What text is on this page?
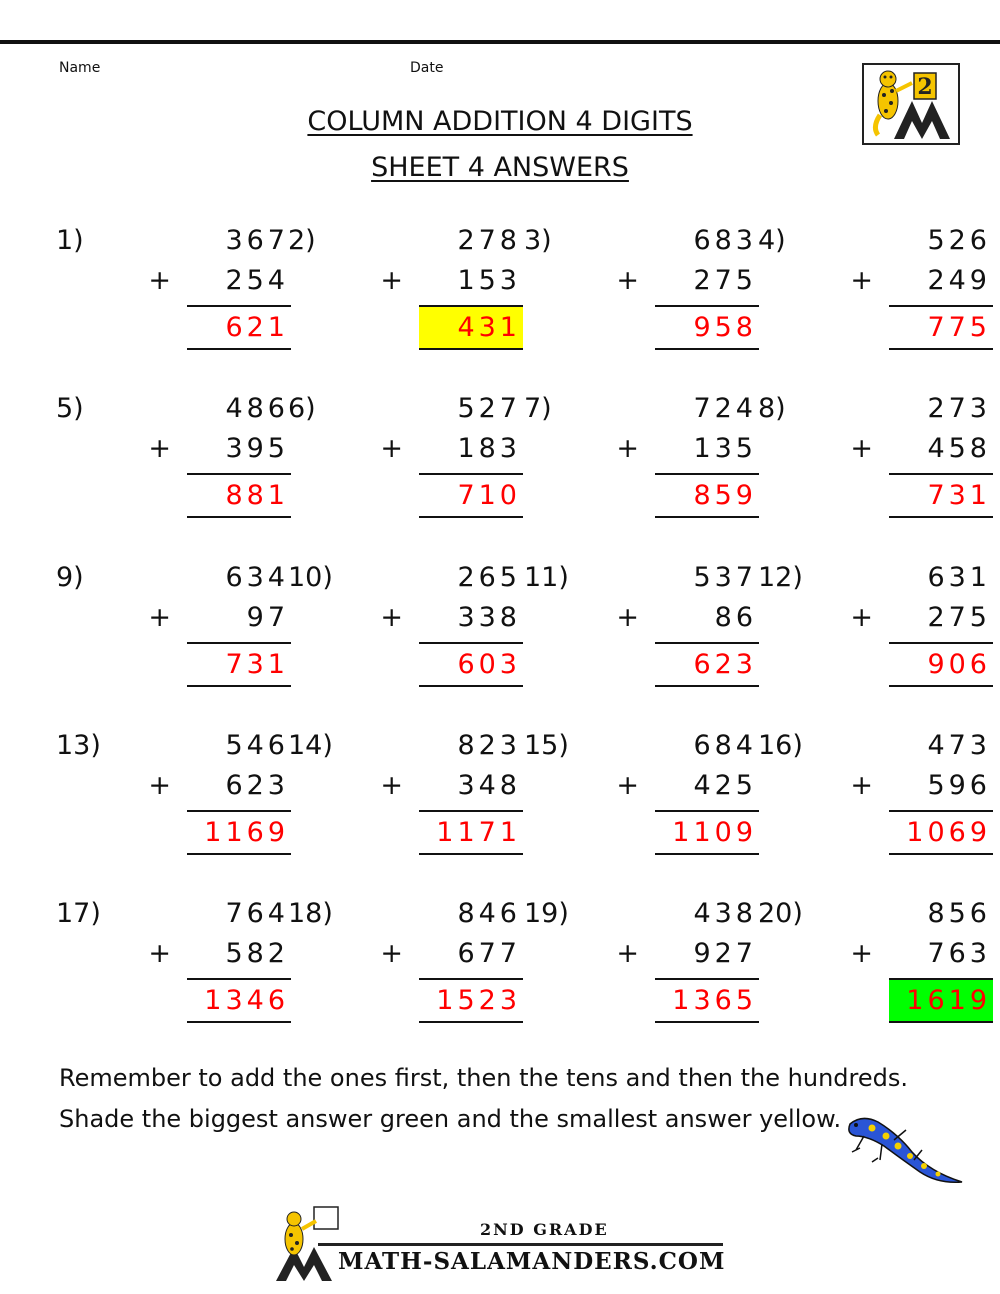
Name	Date
COLUMN ADDITION 4 DIGITS
SHEET 4 ANSWERS
2
1)	367
+	254
621
2)	278
+	153
431
3)	683
+	275
958
4)	526
+	249
775
5)	486
+	395
881
6)	527
+	183
710
7)	724
+	135
859
8)	273
+	458
731
9)	634
+	97
731
10)	265
+	338
603
11)	537
+	86
623
12)	631
+	275
906
13)	546
+	623
1169
14)	823
+	348
1171
15)	684
+	425
1109
16)	473
+	596
1069
17)	764
+	582
1346
18)	846
+	677
1523
19)	438
+	927
1365
20)	856
+	763
1619
Remember to add the ones first, then the tens and then the hundreds.
Shade the biggest answer green and the smallest answer yellow.
2ND GRADE
MATH-SALAMANDERS.COM
